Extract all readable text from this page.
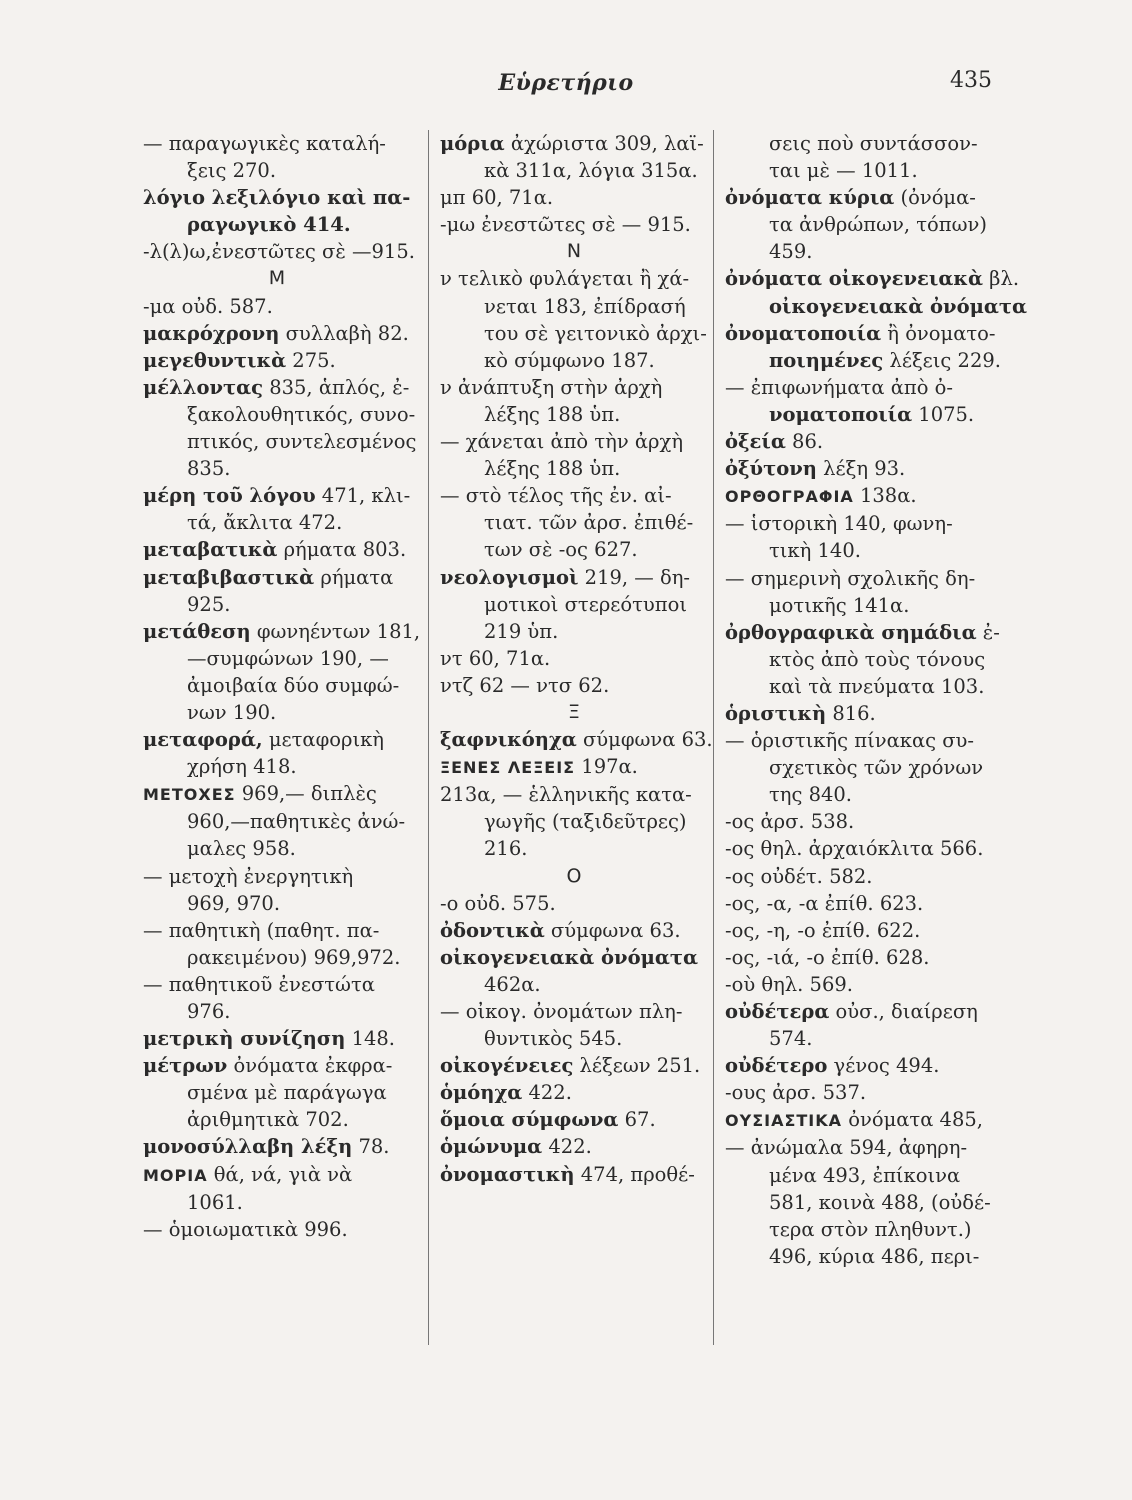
Εὑρετήριο	435
— παραγωγικὲς καταλή-
ξεις 270.
λόγιο λεξιλόγιο καὶ πα-
ραγωγικὸ 414.
-λ(λ)ω,ἐνεστῶτες σὲ —915.
Μ
-μα οὐδ. 587.
μακρόχρονη συλλαβὴ 82.
μεγεθυντικὰ 275.
μέλλοντας 835, ἁπλός, ἐ-
ξακολουθητικός, συνο-
πτικός, συντελεσμένος
835.
μέρη τοῦ λόγου 471, κλι-
τά, ἄκλιτα 472.
μεταβατικὰ ρήματα 803.
μεταβιβαστικὰ ρήματα
925.
μετάθεση φωνηέντων 181,
—συμφώνων 190, —
ἀμοιβαία δύο συμφώ-
νων 190.
μεταφορά, μεταφορικὴ
χρήση 418.
ΜΕΤΟΧΕΣ 969,— διπλὲς
960,—παθητικὲς ἀνώ-
μαλες 958.
— μετοχὴ ἐνεργητικὴ
969, 970.
— παθητικὴ (παθητ. πα-
ρακειμένου) 969,972.
— παθητικοῦ ἐνεστώτα
976.
μετρικὴ συνίζηση 148.
μέτρων ὀνόματα ἐκφρα-
σμένα μὲ παράγωγα
ἀριθμητικὰ 702.
μονοσύλλαβη λέξη 78.
ΜΟΡΙΑ θά, νά, γιὰ νὰ
1061.
— ὁμοιωματικὰ 996.
μόρια ἀχώριστα 309, λαϊ-
κὰ 311α, λόγια 315α.
μπ 60, 71α.
-μω ἐνεστῶτες σὲ — 915.
Ν
ν τελικὸ φυλάγεται ἢ χά-
νεται 183, ἐπίδρασή
του σὲ γειτονικὸ ἀρχι-
κὸ σύμφωνο 187.
ν ἀνάπτυξη στὴν ἀρχὴ
λέξης 188 ὑπ.
— χάνεται ἀπὸ τὴν ἀρχὴ
λέξης 188 ὑπ.
— στὸ τέλος τῆς ἐν. αἰ-
τιατ. τῶν ἀρσ. ἐπιθέ-
των σὲ -ος 627.
νεολογισμοὶ 219, — δη-
μοτικοὶ στερεότυποι
219 ὑπ.
ντ 60, 71α.
ντζ 62 — ντσ 62.
Ξ
ξαφνικόηχα σύμφωνα 63.
ΞΕΝΕΣ ΛΕΞΕΙΣ 197α.
213α, — ἑλληνικῆς κατα-
γωγῆς (ταξιδεῦτρες)
216.
Ο
-ο οὐδ. 575.
ὀδοντικὰ σύμφωνα 63.
οἰκογενειακὰ ὀνόματα
462α.
— οἰκογ. ὀνομάτων πλη-
θυντικὸς 545.
οἰκογένειες λέξεων 251.
ὁμόηχα 422.
ὅμοια σύμφωνα 67.
ὁμώνυμα 422.
ὀνομαστικὴ 474, προθέ-
σεις ποὺ συντάσσον-
ται μὲ — 1011.
ὀνόματα κύρια (ὀνόμα-
τα ἀνθρώπων, τόπων)
459.
ὀνόματα οἰκογενειακὰ βλ.
οἰκογενειακὰ ὀνόματα
ὀνοματοποιία ἢ ὀνοματο-
ποιημένες λέξεις 229.
— ἐπιφωνήματα ἀπὸ ὀ-
νοματοποιία 1075.
ὀξεία 86.
ὀξύτονη λέξη 93.
ΟΡΘΟΓΡΑΦΙΑ 138α.
— ἱστορικὴ 140, φωνη-
τικὴ 140.
— σημερινὴ σχολικῆς δη-
μοτικῆς 141α.
ὀρθογραφικὰ σημάδια ἐ-
κτὸς ἀπὸ τοὺς τόνους
καὶ τὰ πνεύματα 103.
ὁριστικὴ 816.
— ὁριστικῆς πίνακας συ-
σχετικὸς τῶν χρόνων
της 840.
-ος ἀρσ. 538.
-ος θηλ. ἀρχαιόκλιτα 566.
-ος οὐδέτ. 582.
-ος, -α, -α ἐπίθ. 623.
-ος, -η, -ο ἐπίθ. 622.
-ος, -ιά, -ο ἐπίθ. 628.
-οὺ θηλ. 569.
οὐδέτερα οὐσ., διαίρεση
574.
οὐδέτερο γένος 494.
-ους ἀρσ. 537.
ΟΥΣΙΑΣΤΙΚΑ ὀνόματα 485,
— ἀνώμαλα 594, ἀφηρη-
μένα 493, ἐπίκοινα
581, κοινὰ 488, (οὐδέ-
τερα στὸν πληθυντ.)
496, κύρια 486, περι-
